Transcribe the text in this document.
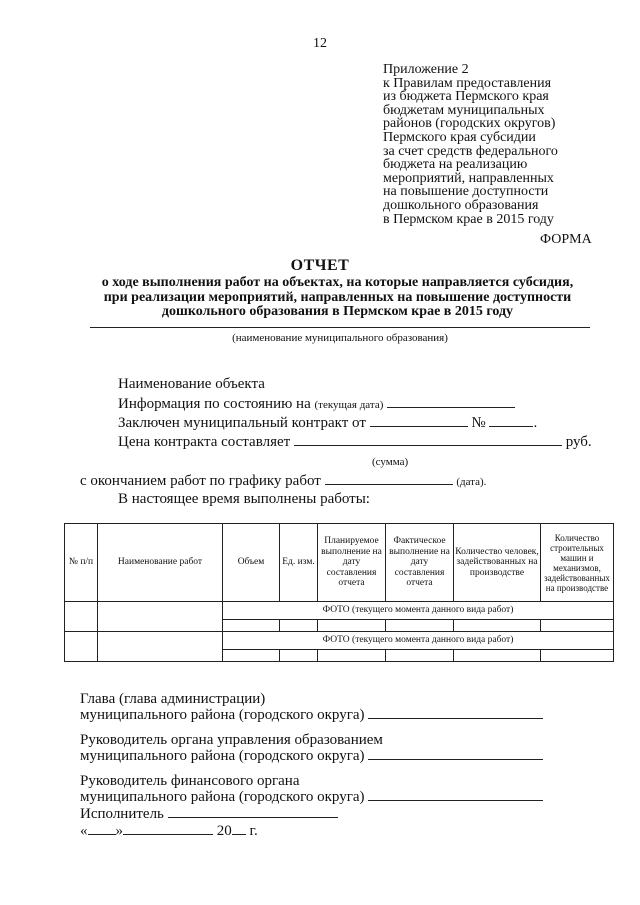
12
Приложение 2
к Правилам предоставления
из бюджета Пермского края
бюджетам муниципальных
районов (городских округов)
Пермского края субсидии
за счет средств федерального
бюджета на реализацию
мероприятий, направленных
на повышение доступности
дошкольного образования
в Пермском крае в 2015 году
ФОРМА
ОТЧЕТ
о ходе выполнения работ на объектах, на которые направляется субсидия,
при реализации мероприятий, направленных на повышение доступности
дошкольного образования в Пермском крае в 2015 году
(наименование муниципального образования)
Наименование объекта
Информация по состоянию на (текущая дата)
Заключен муниципальный контракт от	№	.
Цена контракта составляет	руб.
(сумма)
с окончанием работ по графику работ	(дата).
В настоящее время выполнены работы:
№ п/п	Наименование работ	Объем	Ед. изм.	Планируемое выполнение на дату составления отчета	Фактическое выполнение на дату составления отчета	Количество человек, задействованных на производстве	Количество строительных машин и механизмов, задействованных на производстве
		ФОТО (текущего момента данного вида работ)					

		ФОТО (текущего момента данного вида работ)					

Глава (глава администрации)
муниципального района (городского округа)
Руководитель органа управления образованием
муниципального района (городского округа)
Руководитель финансового органа
муниципального района (городского округа)
Исполнитель
« »	20 г.
